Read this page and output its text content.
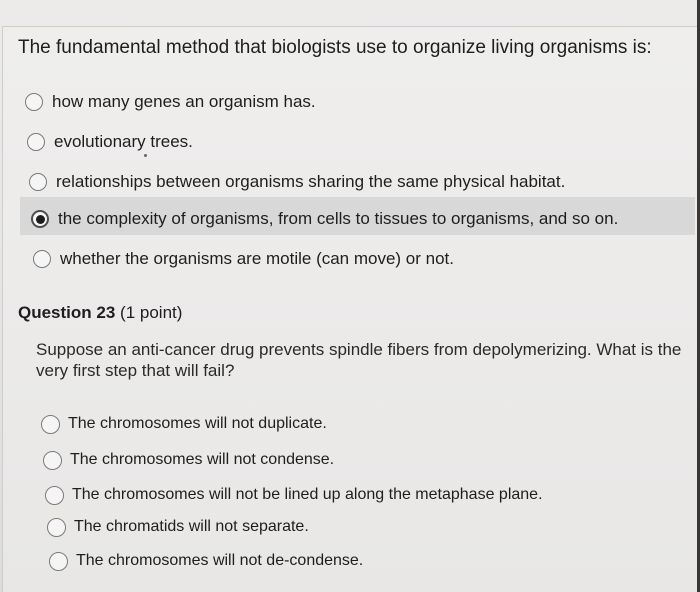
The fundamental method that biologists use to organize living organisms is:
how many genes an organism has.
evolutionary trees.
relationships between organisms sharing the same physical habitat.
the complexity of organisms, from cells to tissues to organisms, and so on.
whether the organisms are motile (can move) or not.
Question 23 (1 point)
Suppose an anti-cancer drug prevents spindle fibers from depolymerizing. What is the very first step that will fail?
The chromosomes will not duplicate.
The chromosomes will not condense.
The chromosomes will not be lined up along the metaphase plane.
The chromatids will not separate.
The chromosomes will not de-condense.
